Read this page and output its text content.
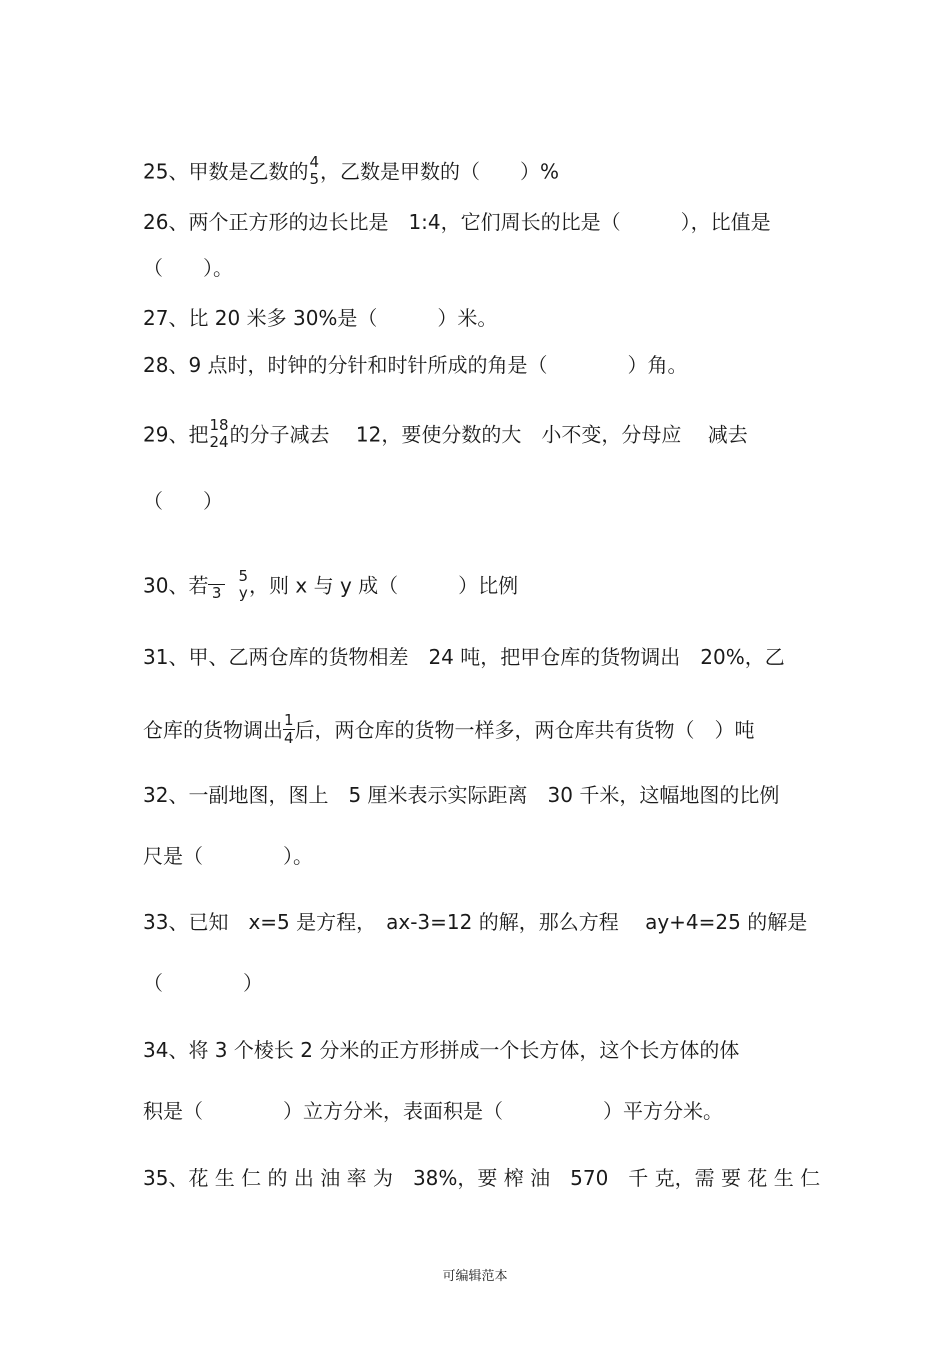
25、甲数是乙数的 4
5 ，乙数是甲数的（　　）%
26、两个正方形的边长比是　1:4，它们周长的比是（　　　），比值是
（　　）。
27、比 20 米多 30%是（　　　）米。
28、9 点时，时钟的分针和时针所成的角是（　　　　）角。
29、把 18
24 的分子减去　 12，要使分数的大　小不变，分母应　 减去
（　　）
30、若
3

5
y ，则 x 与 y 成（　　　）比例
31、甲、乙两仓库的货物相差　24 吨，把甲仓库的货物调出　20%，乙
仓库的货物调出 $\frac{1}{4}$ 后，两仓库的货物一样多，两仓库共有货物（　）吨
32、一副地图，图上　5 厘米表示实际距离　30 千米，这幅地图的比例
尺是（　　　　）。
33、已知　x=5 是方程，　ax-3=12 的解，那么方程　 ay+4=25 的解是
（　　　　）
34、将 3 个棱长 2 分米的正方形拼成一个长方体，这个长方体的体
积是（　　　　）立方分米，表面积是（　　　　　）平方分米。
35、花 生 仁 的 出 油 率 为　38%，要 榨 油　570　千 克，需 要 花 生 仁
可编辑范本
